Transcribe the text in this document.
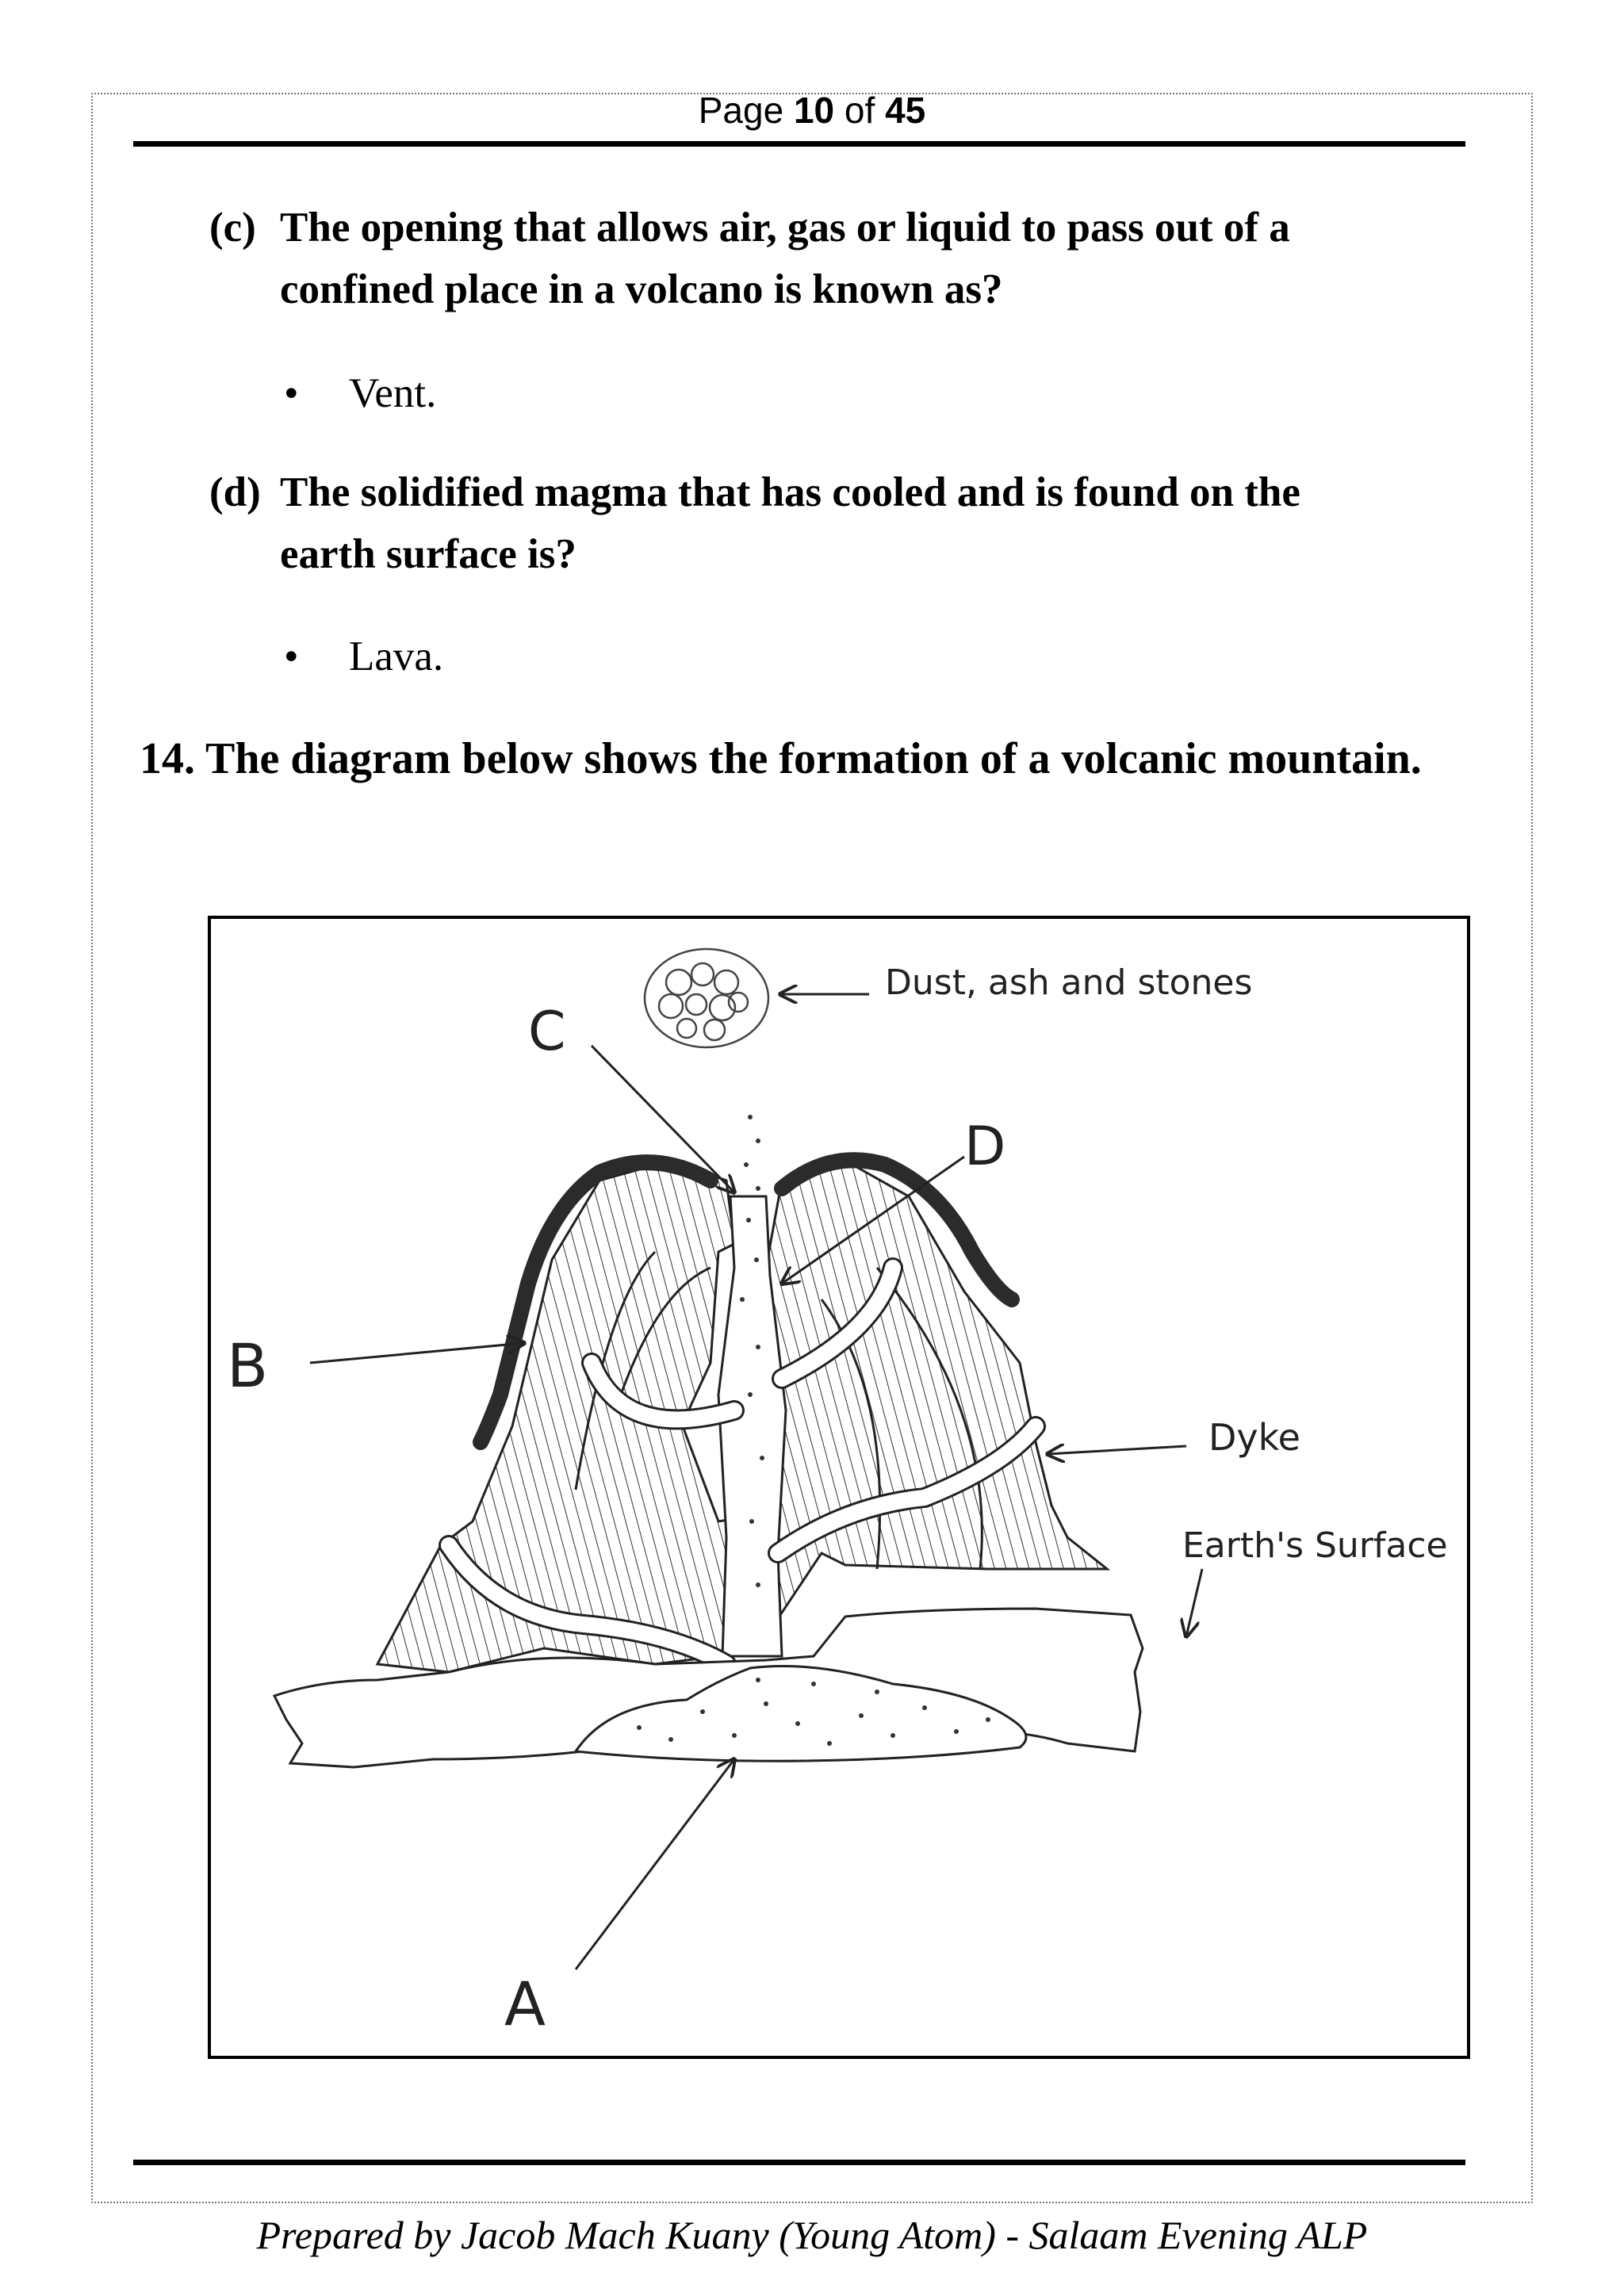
Page 10 of 45
(c) The opening that allows air, gas or liquid to pass out of a
confined place in a volcano is known as?
• Vent.
(d) The solidified magma that has cooled and is found on the
earth surface is?
• Lava.
14. The diagram below shows the formation of a volcanic mountain.
Dust, ash and stones
C
D
B
Dyke
Earth's Surface
A
Prepared by Jacob Mach Kuany (Young Atom) - Salaam Evening ALP
